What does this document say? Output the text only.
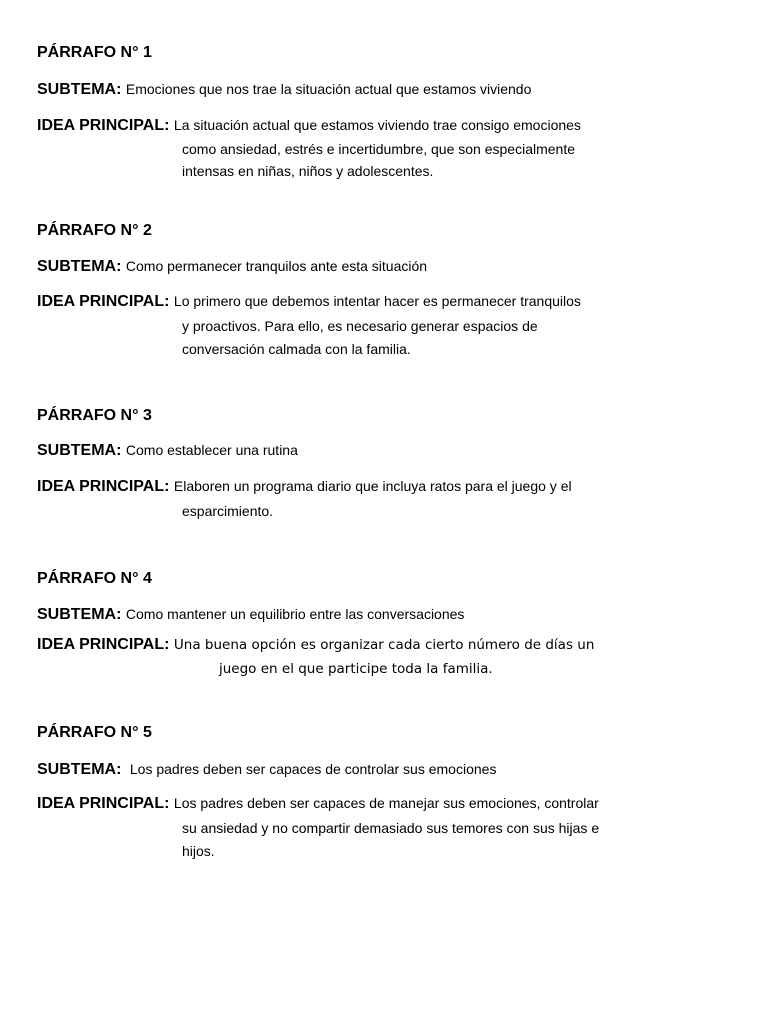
PÁRRAFO N° 1
SUBTEMA: Emociones que nos trae la situación actual que estamos viviendo
IDEA PRINCIPAL: La situación actual que estamos viviendo trae consigo emociones
como ansiedad, estrés e incertidumbre, que son especialmente
intensas en niñas, niños y adolescentes.
PÁRRAFO N° 2
SUBTEMA: Como permanecer tranquilos ante esta situación
IDEA PRINCIPAL: Lo primero que debemos intentar hacer es permanecer tranquilos
y proactivos. Para ello, es necesario generar espacios de
conversación calmada con la familia.
PÁRRAFO N° 3
SUBTEMA: Como establecer una rutina
IDEA PRINCIPAL: Elaboren un programa diario que incluya ratos para el juego y el
esparcimiento.
PÁRRAFO N° 4
SUBTEMA: Como mantener un equilibrio entre las conversaciones
IDEA PRINCIPAL: Una buena opción es organizar cada cierto número de días un
juego en el que participe toda la familia.
PÁRRAFO N° 5
SUBTEMA: Los padres deben ser capaces de controlar sus emociones
IDEA PRINCIPAL: Los padres deben ser capaces de manejar sus emociones, controlar
su ansiedad y no compartir demasiado sus temores con sus hijas e
hijos.
